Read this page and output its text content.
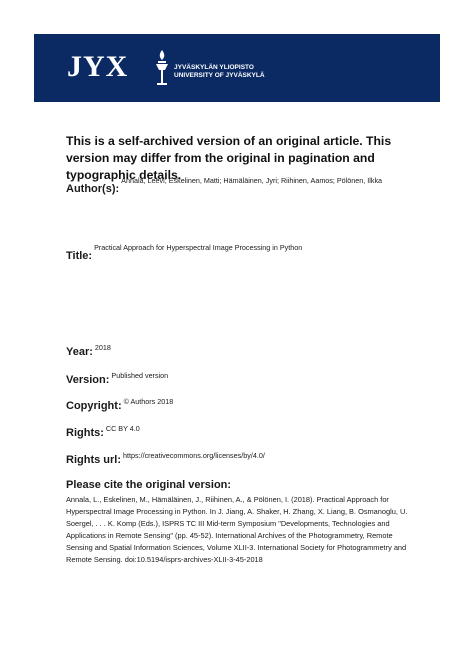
JYX	JYVÄSKYLÄN YLIOPISTO
UNIVERSITY OF JYVÄSKYLÄ
This is a self-archived version of an original article. This version may differ from the original in pagination and typographic details.
Author(s):$^{Annala, Leevi; Eskelinen, Matti; Hämäläinen, Jyri; Riihinen, Aamos; Pölönen, Ilkka}$
Title:$^{Practical Approach for Hyperspectral Image Processing in Python}$
Year: $^{2018}$
Version: $^{Published version}$
Copyright: $^{© Authors 2018}$
Rights: $^{CC BY 4.0}$
Rights url: $^{https://creativecommons.org/licenses/by/4.0/}$
Please cite the original version:
Annala, L., Eskelinen, M., Hämäläinen, J., Riihinen, A., & Pölönen, I. (2018). Practical Approach for Hyperspectral Image Processing in Python. In J. Jiang, A. Shaker, H. Zhang, X. Liang, B. Osmanoglu, U. Soergel, . . . K. Komp (Eds.), ISPRS TC III Mid-term Symposium "Developments, Technologies and Applications in Remote Sensing" (pp. 45-52). International Archives of the Photogrammetry, Remote Sensing and Spatial Information Sciences, Volume XLII-3. International Society for Photogrammetry and Remote Sensing. doi:10.5194/isprs-archives-XLII-3-45-2018
